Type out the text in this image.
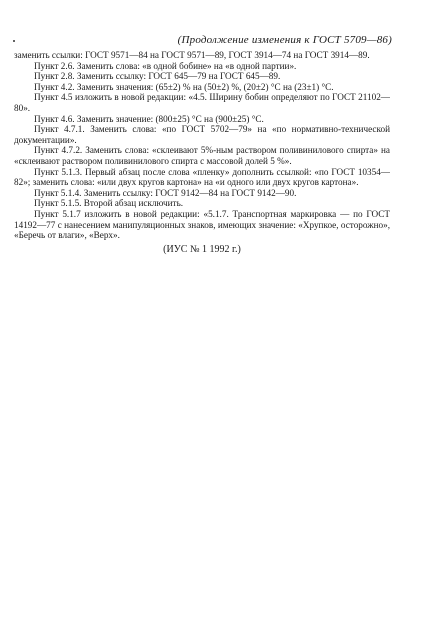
(Продолжение изменения к ГОСТ 5709—86)

заменить ссылки: ГОСТ 9571—84 на ГОСТ 9571—89, ГОСТ 3914—74 на ГОСТ 3914—89.

Пункт 2.6. Заменить слова: «в одной бобине» на «в одной партии».

Пункт 2.8. Заменить ссылку: ГОСТ 645—79 на ГОСТ 645—89.

Пункт 4.2. Заменить значения: (65±2) % на (50±2) %, (20±2) °С на (23±1) °С.

Пункт 4.5 изложить в новой редакции: «4.5. Ширину бобин определяют по ГОСТ 21102—80».

Пункт 4.6. Заменить значение: (800±25) °С на (900±25) °С.

Пункт 4.7.1. Заменить слова: «по ГОСТ 5702—79» на «по нормативно-технической документации».

Пункт 4.7.2. Заменить слова: «склеивают 5%-ным раствором поливинилового спирта» на «склеивают раствором поливинилового спирта с массовой долей 5 %».

Пункт 5.1.3. Первый абзац после слова «пленку» дополнить ссылкой: «по ГОСТ 10354—82»; заменить слова: «или двух кругов картона» на «и одного или двух кругов картона».

Пункт 5.1.4. Заменить ссылку: ГОСТ 9142—84 на ГОСТ 9142—90.

Пункт 5.1.5. Второй абзац исключить.

Пункт 5.1.7 изложить в новой редакции: «5.1.7. Транспортная маркировка — по ГОСТ 14192—77 с нанесением манипуляционных знаков, имеющих значение: «Хрупкое, осторожно», «Беречь от влаги», «Верх».

(ИУС № 1 1992 г.)
